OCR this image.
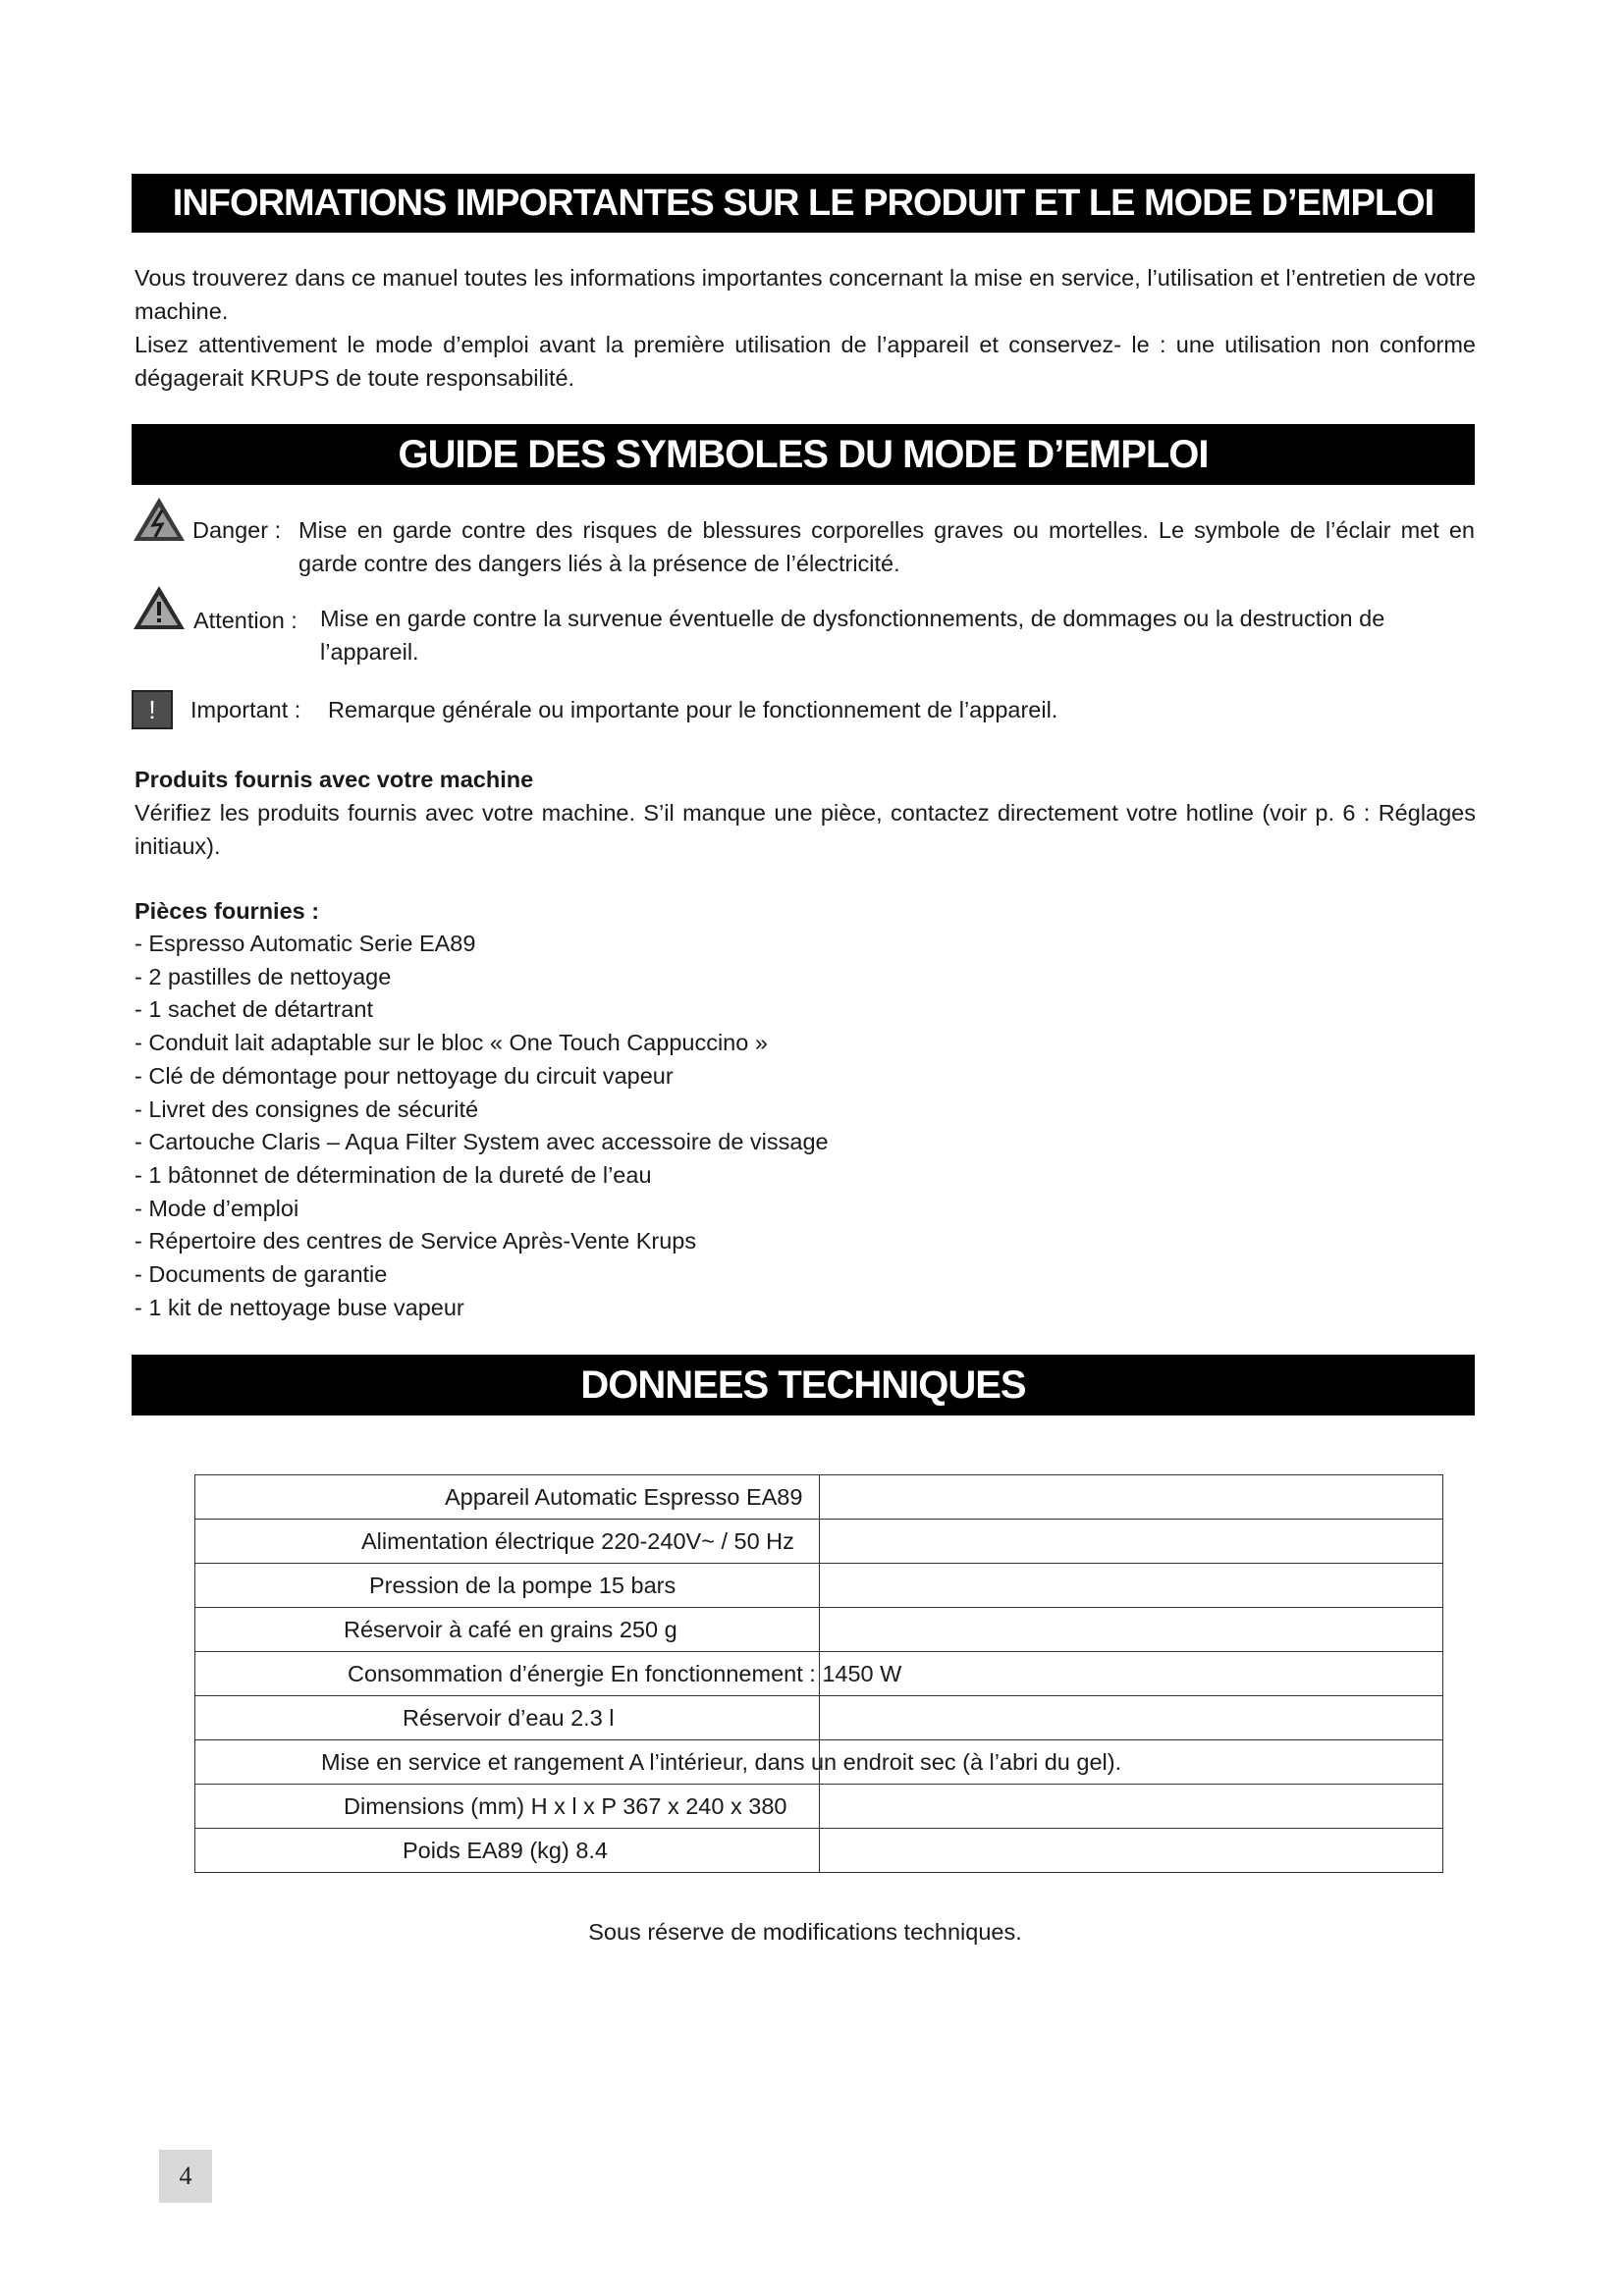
INFORMATIONS IMPORTANTES SUR LE PRODUIT ET LE MODE D’EMPLOI

Vous trouverez dans ce manuel toutes les informations importantes concernant la mise en service, l’utilisation et l’entretien de votre machine.

Lisez attentivement le mode d’emploi avant la première utilisation de l’appareil et conservez- le : une utilisation non conforme dégagerait KRUPS de toute responsabilité.

GUIDE DES SYMBOLES DU MODE D’EMPLOI
Danger : Mise en garde contre des risques de blessures corporelles graves ou mortelles. Le symbole de l’éclair met en garde contre des dangers liés à la présence de l’électricité.
Attention : Mise en garde contre la survenue éventuelle de dysfonctionnements, de dommages ou la destruction de l’appareil.
!	Important : Remarque générale ou importante pour le fonctionnement de l’appareil.
Produits fournis avec votre machine

Vérifiez les produits fournis avec votre machine. S’il manque une pièce, contactez directement votre hotline (voir p. 6 : Réglages initiaux).

Pièces fournies :
- Espresso Automatic Serie EA89
- 2 pastilles de nettoyage
- 1 sachet de détartrant
- Conduit lait adaptable sur le bloc « One Touch Cappuccino »
- Clé de démontage pour nettoyage du circuit vapeur
- Livret des consignes de sécurité
- Cartouche Claris – Aqua Filter System avec accessoire de vissage
- 1 bâtonnet de détermination de la dureté de l’eau
- Mode d’emploi
- Répertoire des centres de Service Après-Vente Krups
- Documents de garantie
- 1 kit de nettoyage buse vapeur
DONNEES TECHNIQUES
Appareil Automatic Espresso EA89	

Alimentation électrique 220-240V~ / 50 Hz	

Pression de la pompe 15 bars	

Réservoir à café en grains 250 g	

Consommation d’énergie En fonctionnement : 1450 W	

Réservoir d’eau 2.3 l	

Mise en service et rangement A l’intérieur, dans un endroit sec (à l’abri du gel).	

Dimensions (mm) H x l x P 367 x 240 x 380	

Poids EA89 (kg) 8.4	

Sous réserve de modifications techniques.
4
